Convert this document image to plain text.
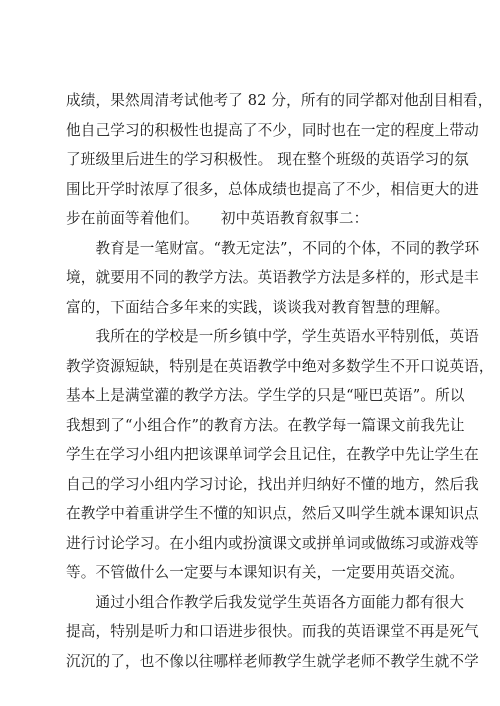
成绩，果然周清考试他考了 82 分，所有的同学都对他刮目相看，
他自己学习的积极性也提高了不少，同时也在一定的程度上带动
了班级里后进生的学习积极性。 现在整个班级的英语学习的氛
围比开学时浓厚了很多，总体成绩也提高了不少，相信更大的进
步在前面等着他们。　　初中英语教育叙事二：
　　教育是一笔财富。“教无定法”，不同的个体，不同的教学环
境，就要用不同的教学方法。英语教学方法是多样的，形式是丰
富的，下面结合多年来的实践，谈谈我对教育智慧的理解。
　　我所在的学校是一所乡镇中学，学生英语水平特别低，英语
教学资源短缺，特别是在英语教学中绝对多数学生不开口说英语，
基本上是满堂灌的教学方法。学生学的只是“哑巴英语”。所以
我想到了“小组合作”的教育方法。在教学每一篇课文前我先让
学生在学习小组内把该课单词学会且记住，在教学中先让学生在
自己的学习小组内学习讨论，找出并归纳好不懂的地方，然后我
在教学中着重讲学生不懂的知识点，然后又叫学生就本课知识点
进行讨论学习。在小组内或扮演课文或拼单词或做练习或游戏等
等。不管做什么一定要与本课知识有关，一定要用英语交流。
　　通过小组合作教学后我发觉学生英语各方面能力都有很大
提高，特别是听力和口语进步很快。而我的英语课堂不再是死气
沉沉的了，也不像以往哪样老师教学生就学老师不教学生就不学
